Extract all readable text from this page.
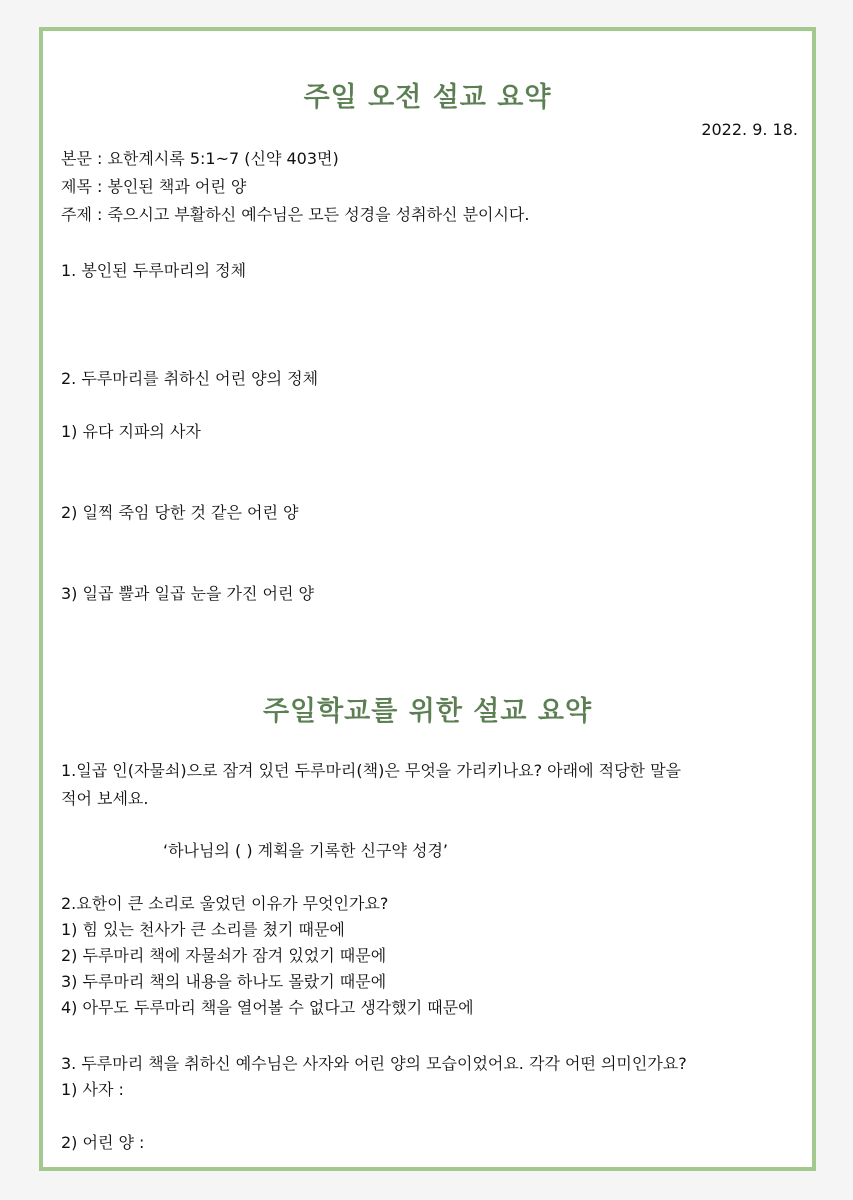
주일 오전 설교 요약
2022. 9. 18.
본문 : 요한계시록 5:1~7 (신약 403면)
제목 : 봉인된 책과 어린 양
주제 : 죽으시고 부활하신 예수님은 모든 성경을 성취하신 분이시다.
1. 봉인된 두루마리의 정체
2. 두루마리를 취하신 어린 양의 정체
1) 유다 지파의 사자
2) 일찍 죽임 당한 것 같은 어린 양
3) 일곱 뿔과 일곱 눈을 가진 어린 양
주일학교를 위한 설교 요약
1.일곱 인(자물쇠)으로 잠겨 있던 두루마리(책)은 무엇을 가리키나요? 아래에 적당한 말을
적어 보세요.
‘하나님의 ( ) 계획을 기록한 신구약 성경’
2.요한이 큰 소리로 울었던 이유가 무엇인가요?
1) 힘 있는 천사가 큰 소리를 쳤기 때문에
2) 두루마리 책에 자물쇠가 잠겨 있었기 때문에
3) 두루마리 책의 내용을 하나도 몰랐기 때문에
4) 아무도 두루마리 책을 열어볼 수 없다고 생각했기 때문에
3. 두루마리 책을 취하신 예수님은 사자와 어린 양의 모습이었어요. 각각 어떤 의미인가요?
1) 사자 :
2) 어린 양 :
